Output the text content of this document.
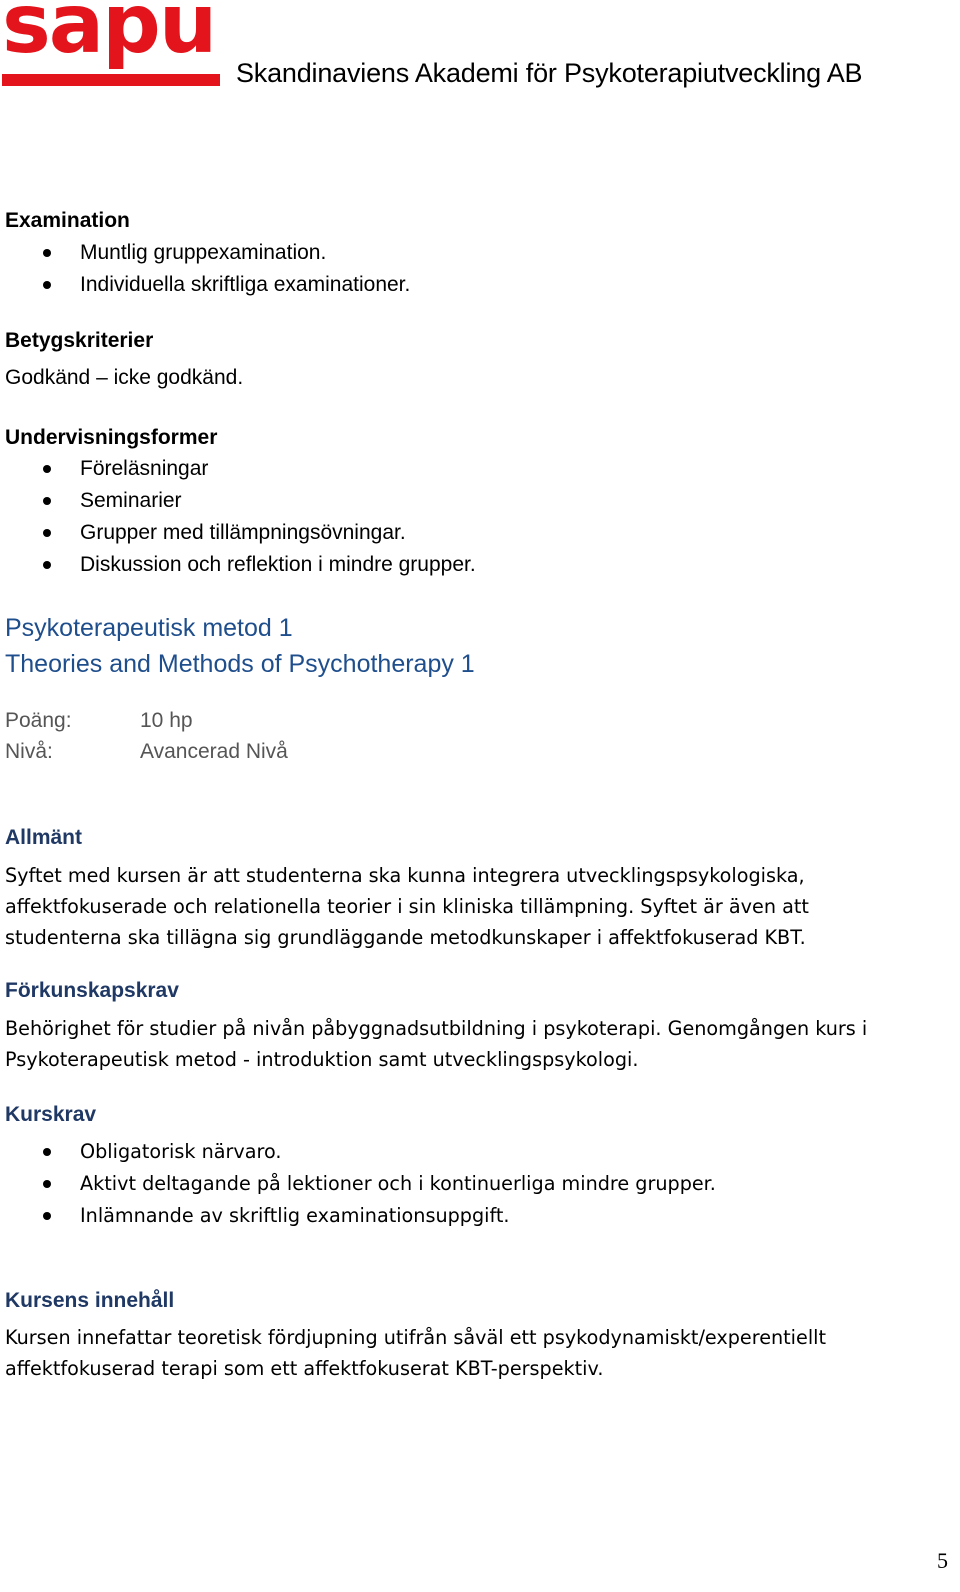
sapu
Skandinaviens Akademi för Psykoterapiutveckling AB
Examination
Muntlig gruppexamination.
Individuella skriftliga examinationer.
Betygskriterier
Godkänd – icke godkänd.
Undervisningsformer
Föreläsningar
Seminarier
Grupper med tillämpningsövningar.
Diskussion och reflektion i mindre grupper.
Psykoterapeutisk metod 1
Theories and Methods of Psychotherapy 1
Poäng:	10 hp
Nivå:	Avancerad Nivå
Allmänt
Syftet med kursen är att studenterna ska kunna integrera utvecklingspsykologiska,
affektfokuserade och relationella teorier i sin kliniska tillämpning. Syftet är även att
studenterna ska tillägna sig grundläggande metodkunskaper i affektfokuserad KBT.
Förkunskapskrav
Behörighet för studier på nivån påbyggnadsutbildning i psykoterapi. Genomgången kurs i
Psykoterapeutisk metod - introduktion samt utvecklingspsykologi.
Kurskrav
Obligatorisk närvaro.
Aktivt deltagande på lektioner och i kontinuerliga mindre grupper.
Inlämnande av skriftlig examinationsuppgift.
Kursens innehåll
Kursen innefattar teoretisk fördjupning utifrån såväl ett psykodynamiskt/experentiellt
affektfokuserad terapi som ett affektfokuserat KBT-perspektiv.
5
